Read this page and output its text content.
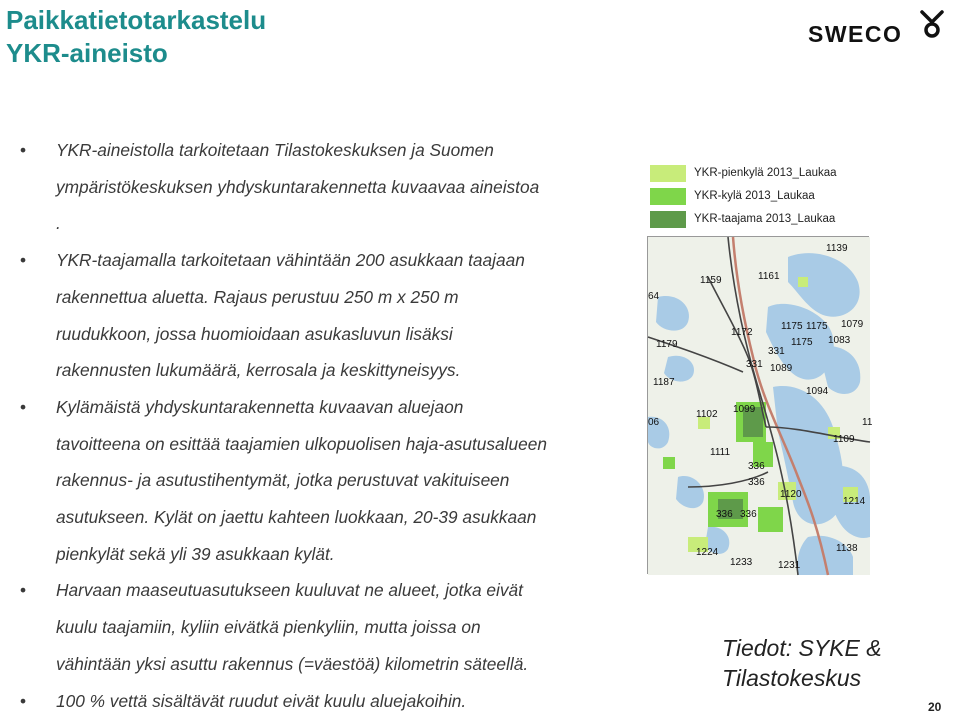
Paikkatietotarkastelu
YKR-aineisto
SWECO
• YKR-aineistolla tarkoitetaan Tilastokeskuksen ja Suomen
ympäristökeskuksen yhdyskuntarakennetta kuvaavaa aineistoa
.
• YKR-taajamalla tarkoitetaan vähintään 200 asukkaan taajaan
rakennettua aluetta. Rajaus perustuu 250 m x 250 m
ruudukkoon, jossa huomioidaan asukasluvun lisäksi
rakennusten lukumäärä, kerrosala ja keskittyneisyys.
• Kylämäistä yhdyskuntarakennetta kuvaavan aluejaon
tavoitteena on esittää taajamien ulkopuolisen haja-asutusalueen
rakennus- ja asutustihentymät, jotka perustuvat vakituiseen
asutukseen. Kylät on jaettu kahteen luokkaan, 20-39 asukkaan
pienkylät sekä yli 39 asukkaan kylät.
• Harvaan maaseutuasutukseen kuuluvat ne alueet, jotka eivät
kuulu taajamiin, kyliin eivätkä pienkyliin, mutta joissa on
vähintään yksi asuttu rakennus (=väestöä) kilometrin säteellä.
• 100 % vettä sisältävät ruudut eivät kuulu aluejakoihin.
YKR-pienkylä 2013_Laukaa
YKR-kylä 2013_Laukaa
YKR-taajama 2013_Laukaa
1139
1161
1159
64
1172
1175 1175 1079
1179
331
1175 1083
331 1089
1187
1094
1102 1099
06
1109
11
1111
336
336
1120
1214
336 336
1224	1138
1233	1231
Tiedot: SYKE &
Tilastokeskus
20
